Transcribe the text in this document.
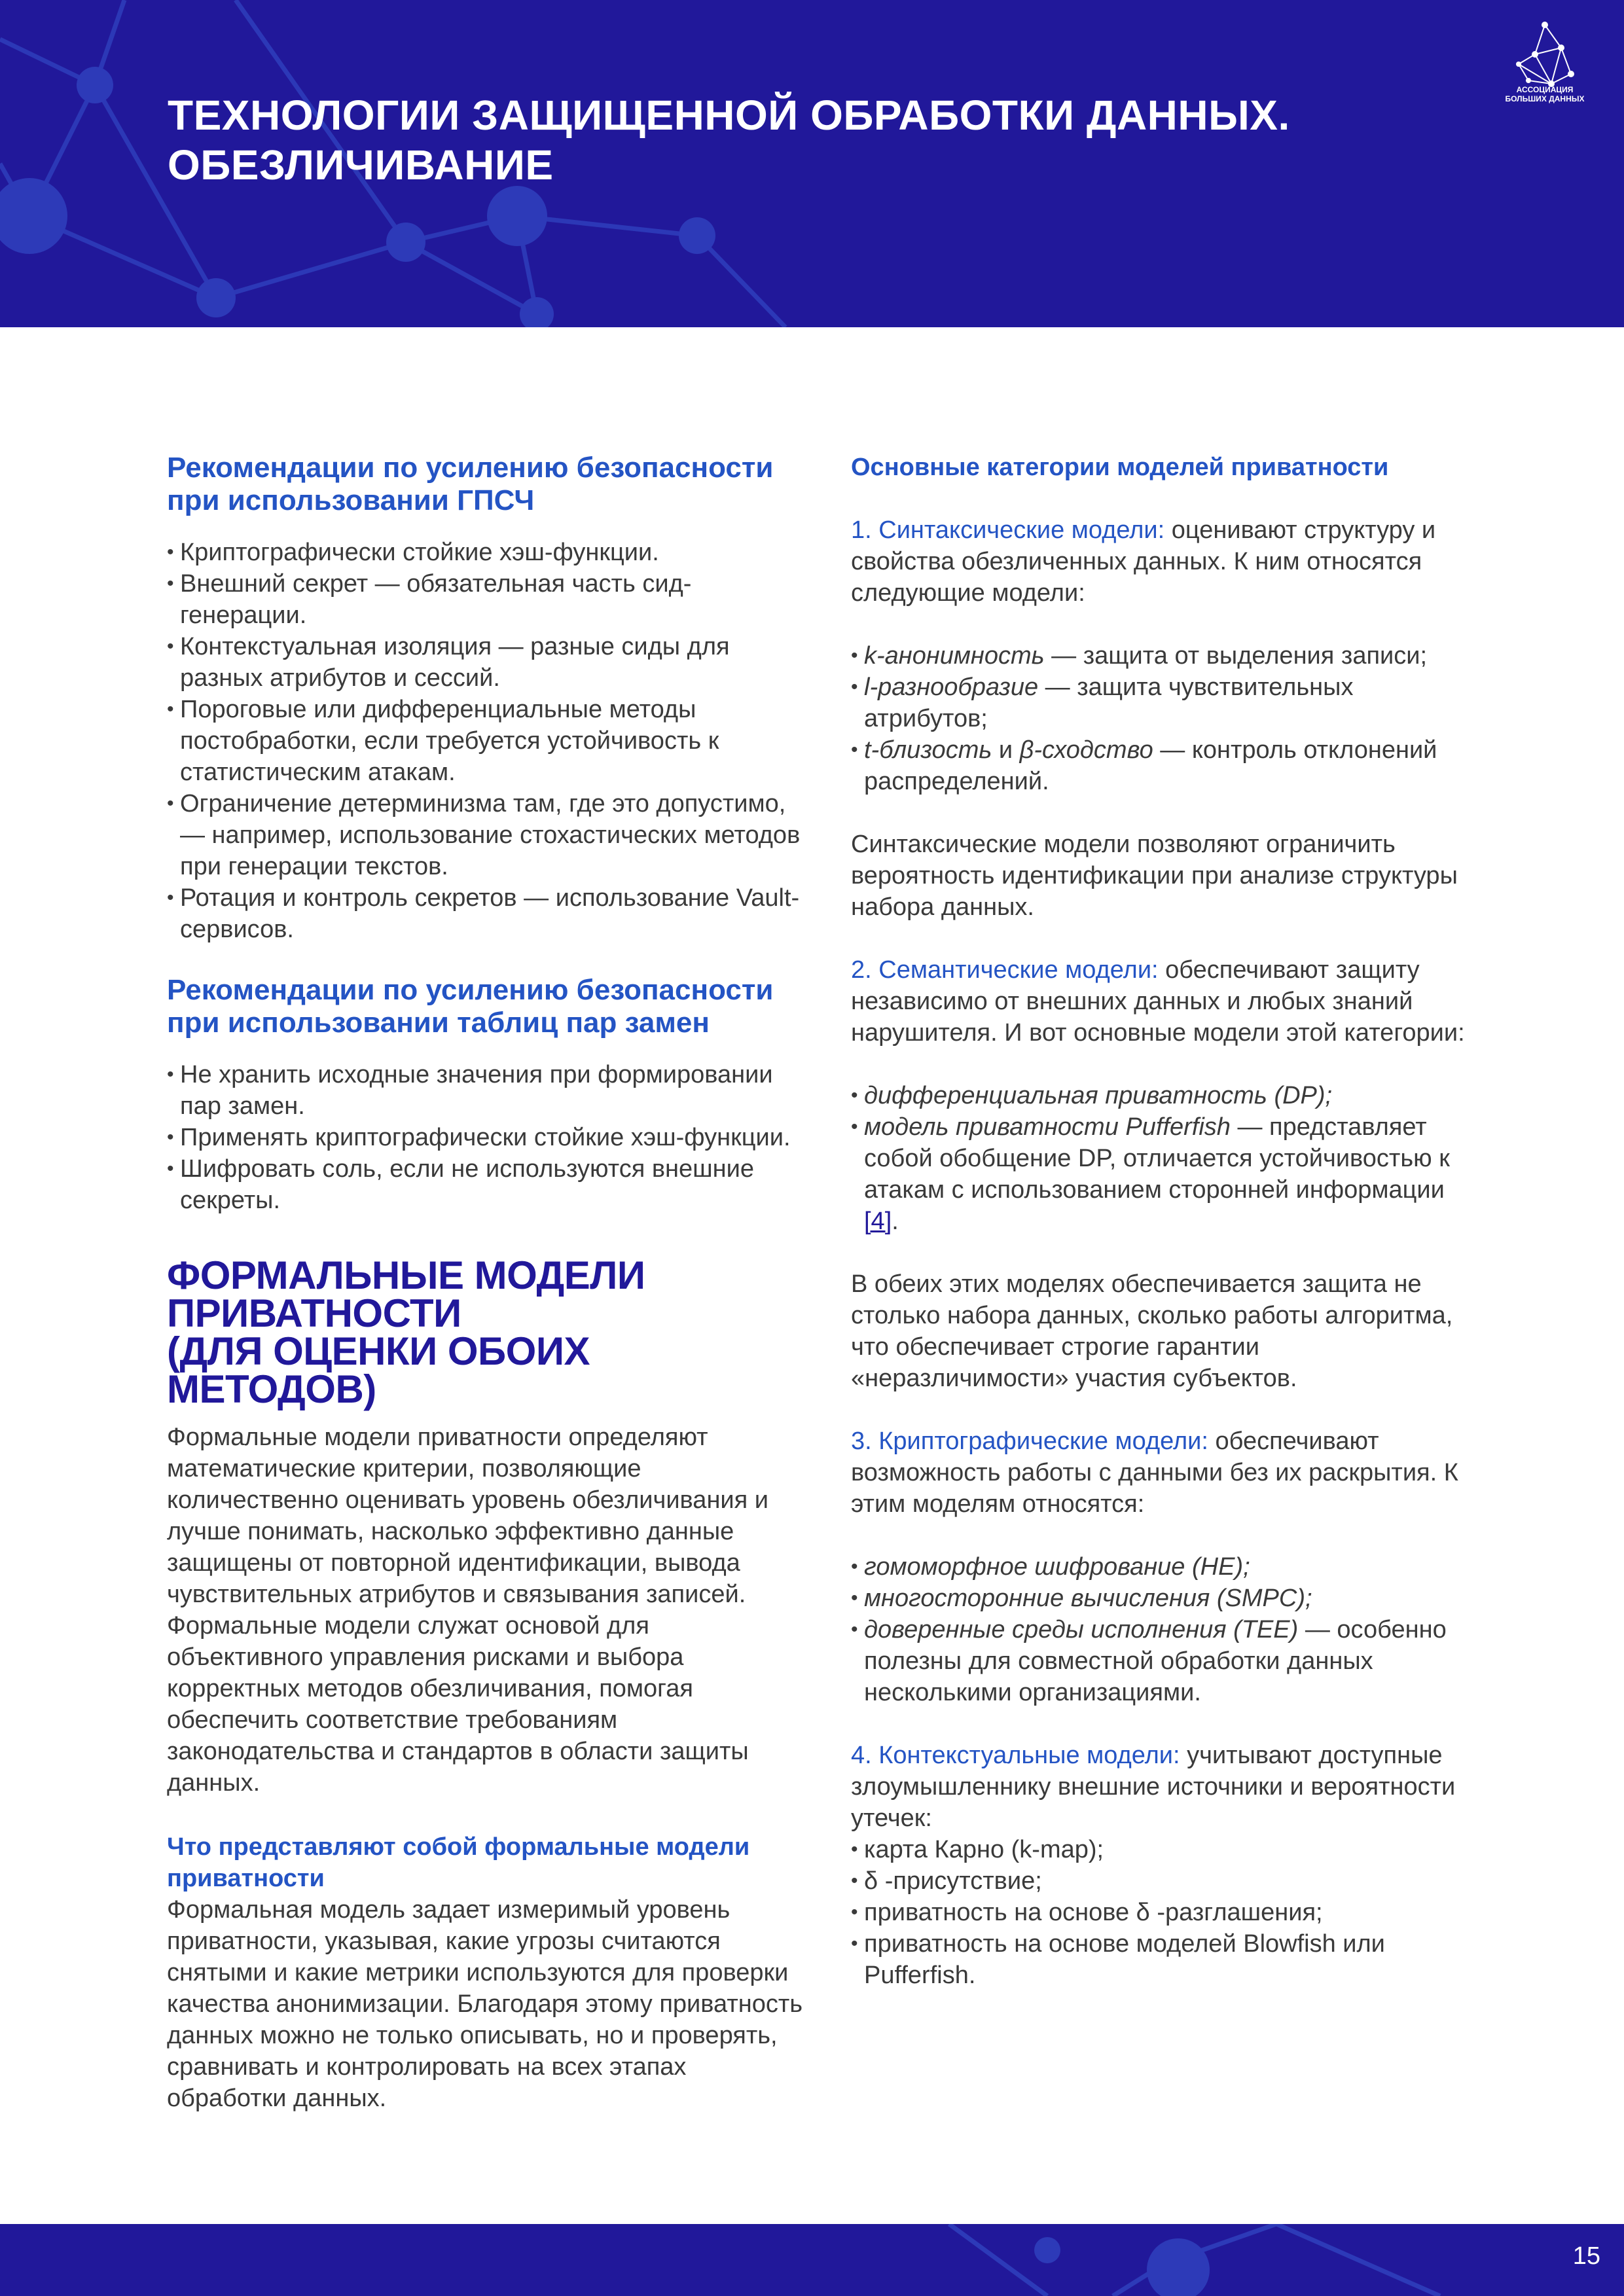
ТЕХНОЛОГИИ ЗАЩИЩЕННОЙ ОБРАБОТКИ ДАННЫХ.
ОБЕЗЛИЧИВАНИЕ

АССОЦИАЦИЯ
БОЛЬШИХ ДАННЫХ

Рекомендации по усилению безопасности при использовании ГПСЧ
• Криптографически стойкие хэш-функции.
• Внешний секрет — обязательная часть сид-генерации.
• Контекстуальная изоляция — разные сиды для разных атрибутов и сессий.
• Пороговые или дифференциальные методы постобработки, если требуется устойчивость к статистическим атакам.
• Ограничение детерминизма там, где это допустимо, — например, использование стохастических методов при генерации текстов.
• Ротация и контроль секретов — использование Vault-сервисов.
Рекомендации по усилению безопасности при использовании таблиц пар замен
• Не хранить исходные значения при формировании пар замен.
• Применять криптографически стойкие хэш-функции.
• Шифровать соль, если не используются внешние секреты.
ФОРМАЛЬНЫЕ МОДЕЛИ
ПРИВАТНОСТИ
(ДЛЯ ОЦЕНКИ ОБОИХ МЕТОДОВ)

Формальные модели приватности определяют математические критерии, позволяющие количественно оценивать уровень обезличивания и лучше понимать, насколько эффективно данные защищены от повторной идентификации, вывода чувствительных атрибутов и связывания записей. Формальные модели служат основой для объективного управления рисками и выбора корректных методов обезличивания, помогая обеспечить соответствие требованиям законодательства и стандартов в области защиты данных.

Что представляют собой формальные модели приватности

Формальная модель задает измеримый уровень приватности, указывая, какие угрозы считаются снятыми и какие метрики используются для проверки качества анонимизации. Благодаря этому приватность данных можно не только описывать, но и проверять, сравнивать и контролировать на всех этапах обработки данных.

Основные категории моделей приватности

1. Синтаксические модели: оценивают структуру и свойства обезличенных данных. К ним относятся следующие модели:

• k-анонимность — защита от выделения записи;
• l-разнообразие — защита чувствительных атрибутов;
• t-близость и β-сходство — контроль отклонений распределений.

Синтаксические модели позволяют ограничить вероятность идентификации при анализе структуры набора данных.

2. Семантические модели: обеспечивают защиту независимо от внешних данных и любых знаний нарушителя. И вот основные модели этой категории:

• дифференциальная приватность (DP);
• модель приватности Pufferfish — представляет собой обобщение DP, отличается устойчивостью к атакам с использованием сторонней информации [4].

В обеих этих моделях обеспечивается защита не столько набора данных, сколько работы алгоритма, что обеспечивает строгие гарантии «неразличимости» участия субъектов.

3. Криптографические модели: обеспечивают возможность работы с данными без их раскрытия. К этим моделям относятся:

• гомоморфное шифрование (HE);
• многосторонние вычисления (SMPC);
• доверенные среды исполнения (TEE) — особенно полезны для совместной обработки данных несколькими организациями.

4. Контекстуальные модели: учитывают доступные злоумышленнику внешние источники и вероятности утечек:

• карта Карно (k-map);
• δ -присутствие;
• приватность на основе δ -разглашения;
• приватность на основе моделей Blowfish или Pufferfish.
15
